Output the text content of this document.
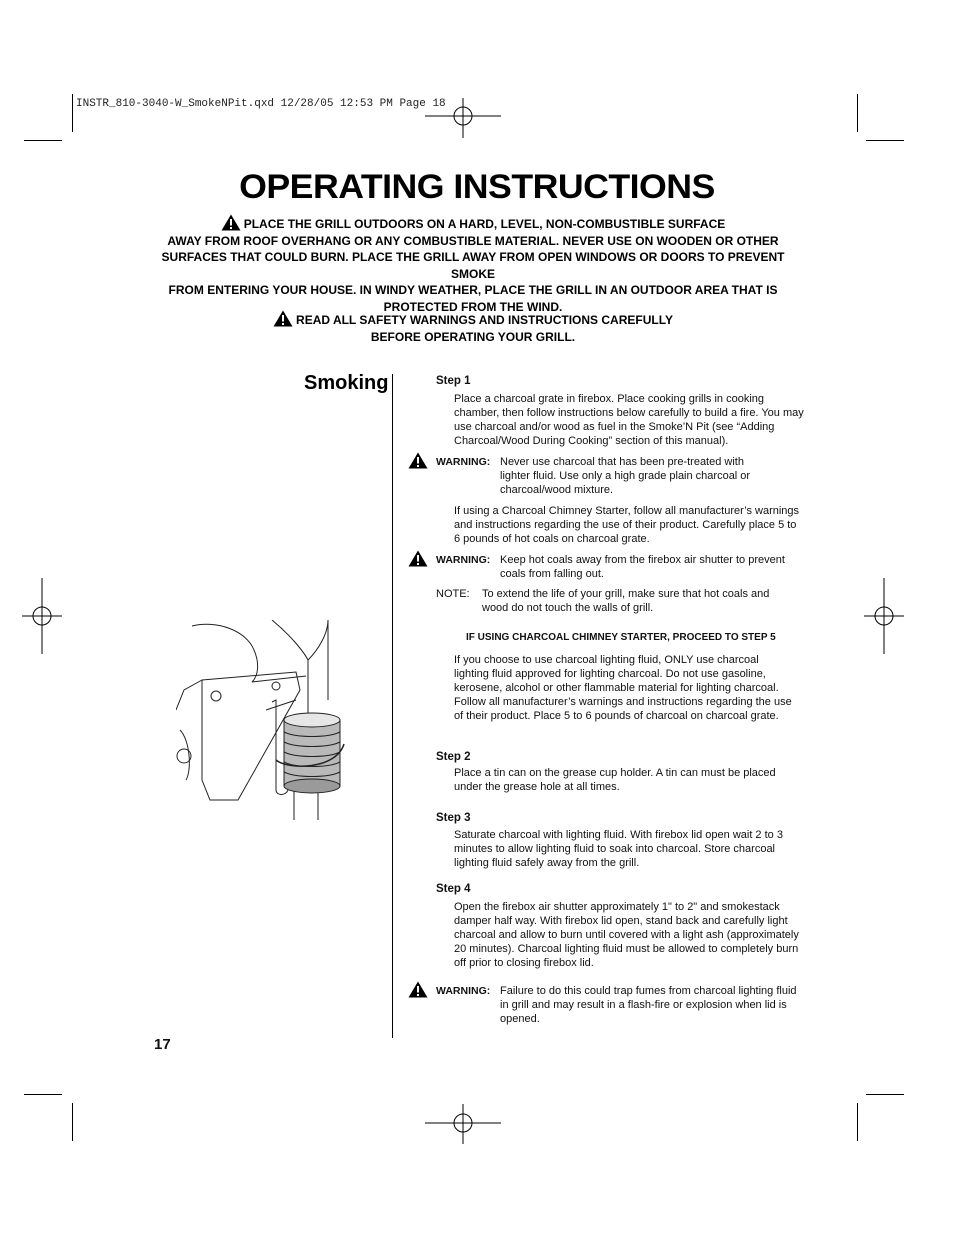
INSTR_810-3040-W_SmokeNPit.qxd 12/28/05 12:53 PM Page 18
OPERATING INSTRUCTIONS
PLACE THE GRILL OUTDOORS ON A HARD, LEVEL, NON-COMBUSTIBLE SURFACE
AWAY FROM ROOF OVERHANG OR ANY COMBUSTIBLE MATERIAL. NEVER USE ON WOODEN OR OTHER
SURFACES THAT COULD BURN. PLACE THE GRILL AWAY FROM OPEN WINDOWS OR DOORS TO PREVENT SMOKE
FROM ENTERING YOUR HOUSE. IN WINDY WEATHER, PLACE THE GRILL IN AN OUTDOOR AREA THAT IS
PROTECTED FROM THE WIND.
READ ALL SAFETY WARNINGS AND INSTRUCTIONS CAREFULLY
BEFORE OPERATING YOUR GRILL.
Smoking	Step 1
Place a charcoal grate in firebox. Place cooking grills in cooking chamber, then follow instructions below carefully to build a fire. You may use charcoal and/or wood as fuel in the Smoke’N Pit (see “Adding Charcoal/Wood During Cooking” section of this manual).
WARNING: Never use charcoal that has been pre-treated with lighter fluid. Use only a high grade plain charcoal or charcoal/wood mixture.
If using a Charcoal Chimney Starter, follow all manufacturer’s warnings and instructions regarding the use of their product. Carefully place 5 to 6 pounds of hot coals on charcoal grate.
WARNING: Keep hot coals away from the firebox air shutter to prevent coals from falling out.
NOTE:	To extend the life of your grill, make sure that hot coals and wood do not touch the walls of grill.
IF USING CHARCOAL CHIMNEY STARTER, PROCEED TO STEP 5
If you choose to use charcoal lighting fluid, ONLY use charcoal lighting fluid approved for lighting charcoal. Do not use gasoline, kerosene, alcohol or other flammable material for lighting charcoal. Follow all manufacturer’s warnings and instructions regarding the use of their product. Place 5 to 6 pounds of charcoal on charcoal grate.
Step 2
Place a tin can on the grease cup holder. A tin can must be placed under the grease hole at all times.
Step 3
Saturate charcoal with lighting fluid. With firebox lid open wait 2 to 3 minutes to allow lighting fluid to soak into charcoal. Store charcoal lighting fluid safely away from the grill.
Step 4
Open the firebox air shutter approximately 1" to 2" and smokestack damper half way. With firebox lid open, stand back and carefully light charcoal and allow to burn until covered with a light ash (approximately 20 minutes). Charcoal lighting fluid must be allowed to completely burn off prior to closing firebox lid.
WARNING: Failure to do this could trap fumes from charcoal lighting fluid in grill and may result in a flash-fire or explosion when lid is opened.
17
